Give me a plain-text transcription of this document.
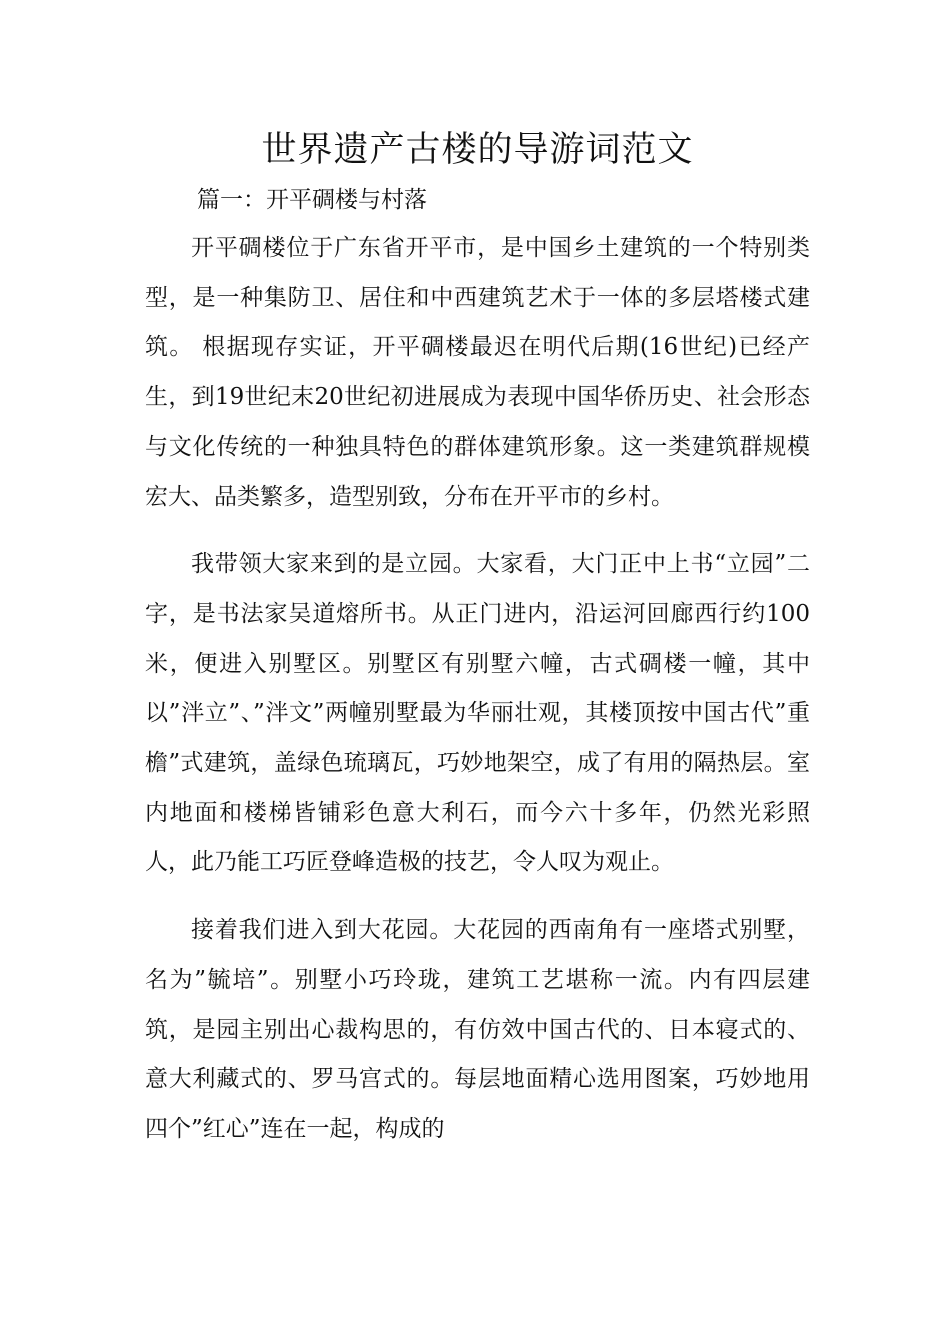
世界遗产古楼的导游词范文
篇一：开平碉楼与村落

开平碉楼位于广东省开平市，是中国乡土建筑的一个特别类型，是一种集防卫、居住和中西建筑艺术于一体的多层塔楼式建筑。 根据现存实证，开平碉楼最迟在明代后期(16世纪)已经产生，到19世纪末20世纪初进展成为表现中国华侨历史、社会形态与文化传统的一种独具特色的群体建筑形象。这一类建筑群规模宏大、品类繁多，造型别致，分布在开平市的乡村。

我带领大家来到的是立园。大家看，大门正中上书“立园”二字，是书法家吴道熔所书。从正门进内，沿运河回廊西行约100米，便进入别墅区。别墅区有别墅六幢，古式碉楼一幢，其中以”泮立”、”泮文”两幢别墅最为华丽壮观，其楼顶按中国古代”重檐”式建筑，盖绿色琉璃瓦，巧妙地架空，成了有用的隔热层。室内地面和楼梯皆铺彩色意大利石，而今六十多年，仍然光彩照人，此乃能工巧匠登峰造极的技艺，令人叹为观止。

接着我们进入到大花园。大花园的西南角有一座塔式别墅，名为”毓培”。别墅小巧玲珑，建筑工艺堪称一流。内有四层建筑，是园主别出心裁构思的，有仿效中国古代的、日本寝式的、意大利藏式的、罗马宫式的。每层地面精心选用图案，巧妙地用四个”红心”连在一起，构成的
